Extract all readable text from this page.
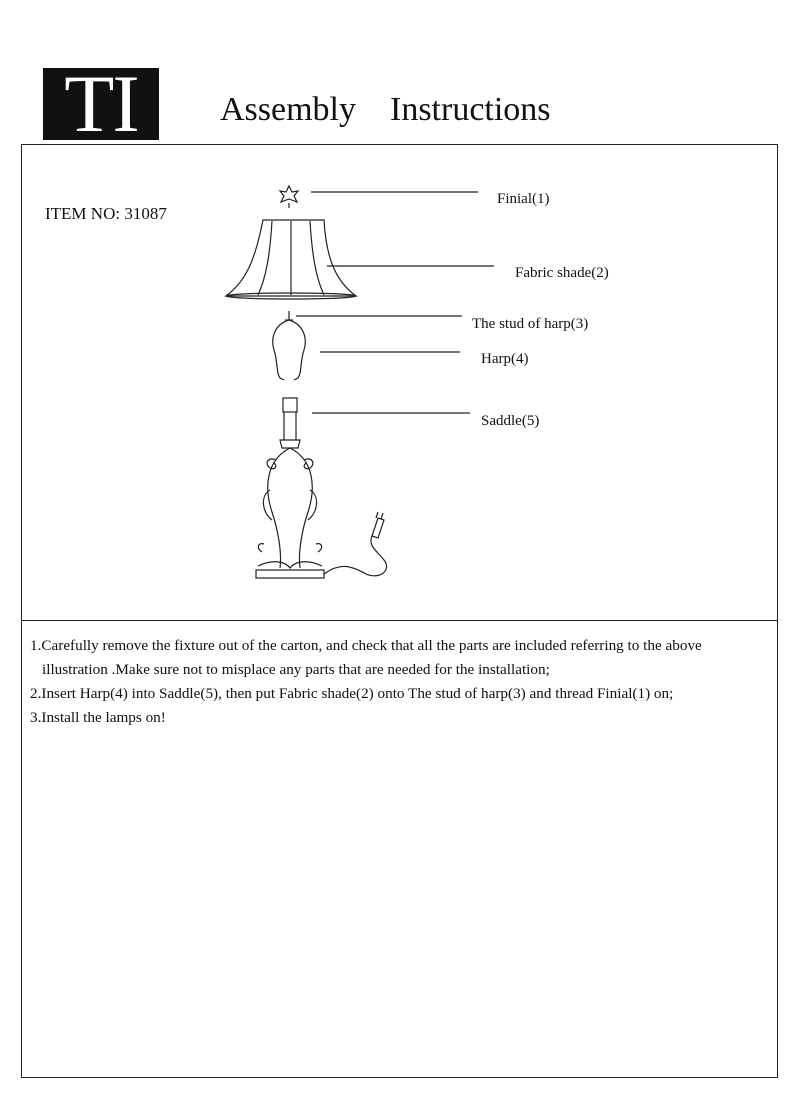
TI Assembly    Instructions
ITEM NO: 31087
Finial(1)
Fabric shade(2)
The stud of harp(3)
Harp(4)
Saddle(5)

1.Carefully remove the fixture out of the carton, and check that all the parts are included referring to the above

illustration .Make sure not to misplace any parts that are needed for the installation;

2.Insert Harp(4) into Saddle(5), then put Fabric shade(2) onto The stud of harp(3) and thread Finial(1) on;

3.Install the lamps on!
